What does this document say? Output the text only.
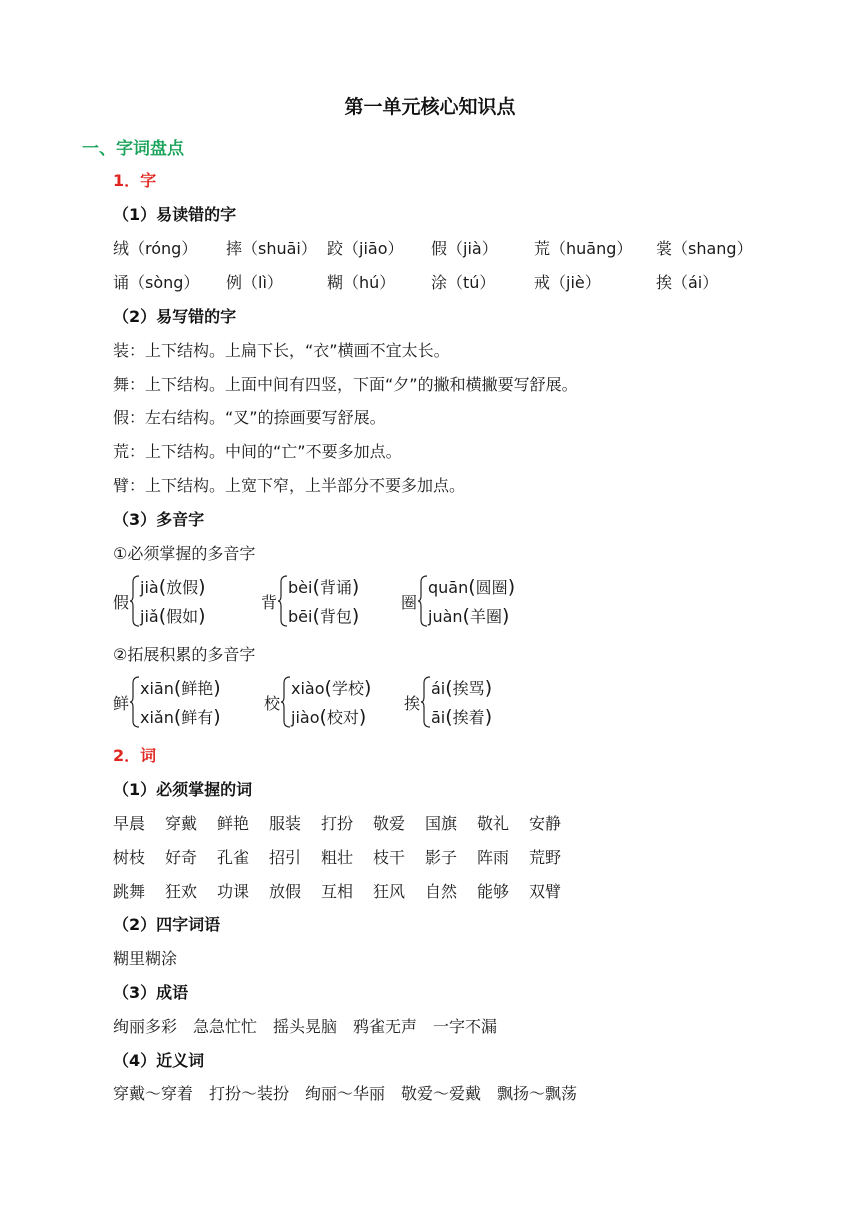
第一单元核心知识点
一、字词盘点
1．字
（1）易读错的字
绒（róng） 摔（shuāi） 跤（jiāo） 假（jià） 荒（huāng） 裳（shang）
诵（sòng） 例（lì）	糊（hú） 涂（tú） 戒（jiè）	挨（ái）
（2）易写错的字
装：上下结构。上扁下长，“衣”横画不宜太长。
舞：上下结构。上面中间有四竖，下面“夕”的撇和横撇要写舒展。
假：左右结构。“叉”的捺画要写舒展。
荒：上下结构。中间的“亡”不要多加点。
臂：上下结构。上宽下窄，上半部分不要多加点。
（3）多音字
①必须掌握的多音字
假
jià(放假)
jiǎ(假如)
背
bèi(背诵)
bēi(背包)
圈
quān(圆圈)
juàn(羊圈)
②拓展积累的多音字
鲜
xiān(鲜艳)
xiǎn(鲜有)
校
xiào(学校)
jiào(校对)
挨
ái(挨骂)
āi(挨着)
2．词
（1）必须掌握的词
早晨 穿戴 鲜艳 服装 打扮 敬爱 国旗 敬礼 安静
树枝 好奇 孔雀 招引 粗壮 枝干 影子 阵雨 荒野
跳舞 狂欢 功课 放假 互相 狂风 自然 能够 双臂
（2）四字词语
糊里糊涂
（3）成语
绚丽多彩　急急忙忙　摇头晃脑　鸦雀无声　一字不漏
（4）近义词
穿戴～穿着　打扮～装扮　绚丽～华丽　敬爱～爱戴　飘扬～飘荡
